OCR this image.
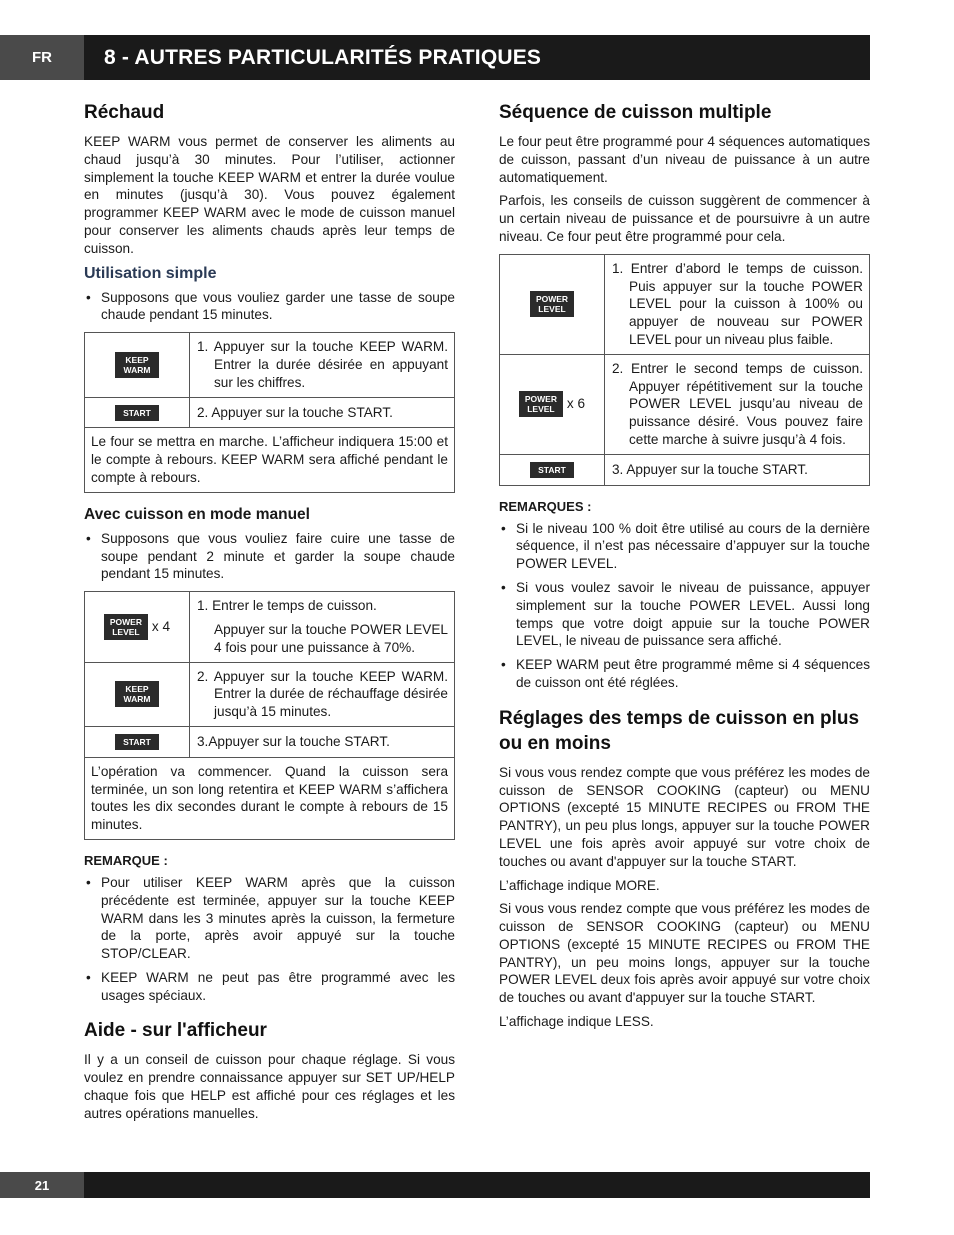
FR	8 - AUTRES PARTICULARITÉS PRATIQUES
Réchaud

KEEP WARM vous permet de conserver les aliments au chaud jusqu’à 30 minutes. Pour l’utiliser, actionner simplement la touche KEEP WARM et entrer la durée voulue en minutes (jusqu’à 30). Vous pouvez également programmer KEEP WARM avec le mode de cuisson manuel pour conserver les aliments chauds après leur temps de cuisson.

Utilisation simple
• Supposons que vous vouliez garder une tasse de soupe chaude pendant 15 minutes.
KEEP
WARM	1. Appuyer sur la touche KEEP WARM. Entrer la durée désirée en appuyant sur les chiffres.

START	2. Appuyer sur la touche START.

Le four se mettra en marche. L’afficheur indiquera 15:00 et le compte à rebours. KEEP WARM sera affiché pendant le compte à rebours.	
Avec cuisson en mode manuel
• Supposons que vous vouliez faire cuire une tasse de soupe pendant 2 minute et garder la soupe chaude pendant 15 minutes.
POWER
LEVEL x 4	1. Entrer le temps de cuisson.
Appuyer sur la touche POWER LEVEL 4 fois pour une puissance à 70%.

KEEP
WARM	2. Appuyer sur la touche KEEP WARM. Entrer la durée de réchauffage désirée jusqu’à 15 minutes.

START	3.Appuyer sur la touche START.

L’opération va commencer. Quand la cuisson sera terminée, un son long retentira et KEEP WARM s’affichera toutes les dix secondes durant le compte à rebours de 15 minutes.	
REMARQUE :
• Pour utiliser KEEP WARM après que la cuisson précédente est terminée, appuyer sur la touche KEEP WARM dans les 3 minutes après la cuisson, la fermeture de la porte, après avoir appuyé sur la touche STOP/CLEAR.
• KEEP WARM ne peut pas être programmé avec les usages spéciaux.
Aide - sur l'afficheur

Il y a un conseil de cuisson pour chaque réglage. Si vous voulez en prendre connaissance appuyer sur SET UP/HELP chaque fois que HELP est affiché pour ces réglages et les autres opérations manuelles.

Séquence de cuisson multiple

Le four peut être programmé pour 4 séquences automatiques de cuisson, passant d’un niveau de puissance à un autre automatiquement.

Parfois, les conseils de cuisson suggèrent de commencer à un certain niveau de puissance et de poursuivre à un autre niveau. Ce four peut être programmé pour cela.

POWER
LEVEL	1. Entrer d’abord le temps de cuisson. Puis appuyer sur la touche POWER LEVEL pour la cuisson à 100% ou appuyer de nouveau sur POWER LEVEL pour un niveau plus faible.

POWER
LEVEL x 6	2. Entrer le second temps de cuisson. Appuyer répétitivement sur la touche POWER LEVEL jusqu’au niveau de puissance désiré. Vous pouvez faire cette marche à suivre jusqu’à 4 fois.

START	3. Appuyer sur la touche START.
REMARQUES :
• Si le niveau 100 % doit être utilisé au cours de la dernière séquence, il n’est pas nécessaire d’appuyer sur la touche POWER LEVEL.
• Si vous voulez savoir le niveau de puissance, appuyer simplement sur la touche POWER LEVEL. Aussi long temps que votre doigt appuie sur la touche POWER LEVEL, le niveau de puissance sera affiché.
• KEEP WARM peut être programmé même si 4 séquences de cuisson ont été réglées.
Réglages des temps de cuisson en plus ou en moins

Si vous vous rendez compte que vous préférez les modes de cuisson de SENSOR COOKING (capteur) ou MENU OPTIONS (excepté 15 MINUTE RECIPES ou FROM THE PANTRY), un peu plus longs, appuyer sur la touche POWER LEVEL une fois après avoir appuyé sur votre choix de touches ou avant d'appuyer sur la touche START.

L’affichage indique MORE.

Si vous vous rendez compte que vous préférez les modes de cuisson de SENSOR COOKING (capteur) ou MENU OPTIONS (excepté 15 MINUTE RECIPES ou FROM THE PANTRY), un peu moins longs, appuyer sur la touche POWER LEVEL deux fois après avoir appuyé sur votre choix de touches ou avant d'appuyer sur la touche START.

L’affichage indique LESS.

21
